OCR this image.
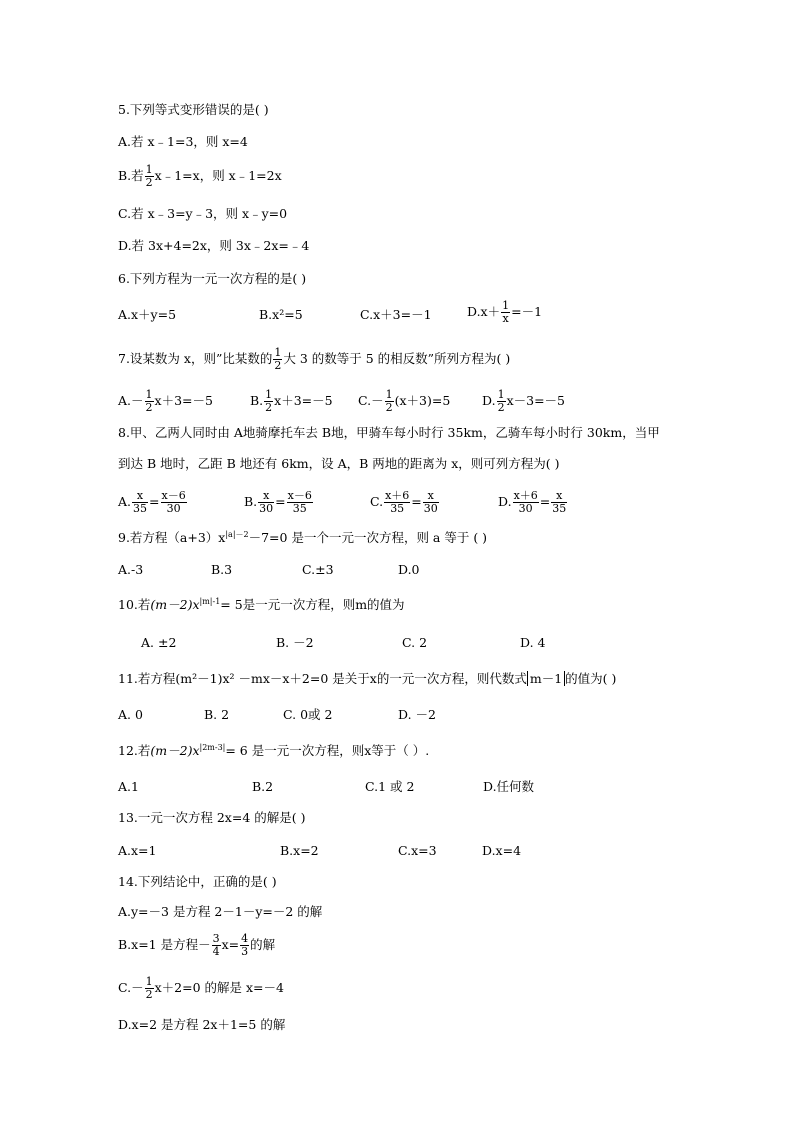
5.下列等式变形错误的是( )
A.若 x﹣1=3，则 x=4
B.若 $\frac{1}{2}$ x﹣1=x，则 x﹣1=2x
C.若 x﹣3=y﹣3，则 x﹣y=0
D.若 3x+4=2x，则 3x﹣2x=﹣4
6.下列方程为一元一次方程的是( )
A.x＋y=5	B.x²=5	C.x＋3=－1	$D.x+ \frac{1}{x} =-1$
7.设某数为 x，则”比某数的 $\frac{1}{2}$ 大 3 的数等于 5 的相反数”所列方程为( )
$A.- \frac{1}{2} x+3=-5$	B. $\frac{1}{2} x+3=-5$ $C.- \frac{1}{2} (x+3)=5$	D. $\frac{1}{2} x-3=-5$
8.甲、乙两人同时由 A地骑摩托车去 B地，甲骑车每小时行 35km，乙骑车每小时行 30km，当甲
到达 B 地时，乙距 B 地还有 6km，设 A，B 两地的距离为 x，则可列方程为( )
A. $\frac{x}{35} = \frac{x-6}{30}$	B. $\frac{x}{30} = \frac{x-6}{35}$	C. $\frac{x+6}{35} = \frac{x}{30}$	D. $\frac{x+6}{30} = \frac{x}{35}$
9.若方程$(a+3)x^{|a|-2}-7=0$ 是一个一元一次方程，则 a 等于 ( )
A.-3	B.3	C.±3	D.0
10.若$(m-2)x^{|m|-1}= 5$是一元一次方程，则m的值为
A. ±2	B. －2	C. 2	D. 4
11.若方程(m²－1)x² －mx－x＋2=0 是关于x的一元一次方程，则代数式 m－1 的值为( )
A. 0	B. 2	C. 0或 2	D. －2
12.若$(m-2)x^{|2m-3|}= 6$ 是一元一次方程，则x等于（ ）.
A.1	B.2	C.1 或 2	D.任何数
13.一元一次方程 2x=4 的解是( )
A.x=1	B.x=2	C.x=3	D.x=4
14.下列结论中，正确的是( )
A.y=－3 是方程 2－1－y=－2 的解
B.x=1 是方程－ $\frac{3}{4} x= \frac{4}{3}$ 的解
$C.- \frac{1}{2} x+2=0$ 的解是 x=－4
D.x=2 是方程 2x＋1=5 的解
